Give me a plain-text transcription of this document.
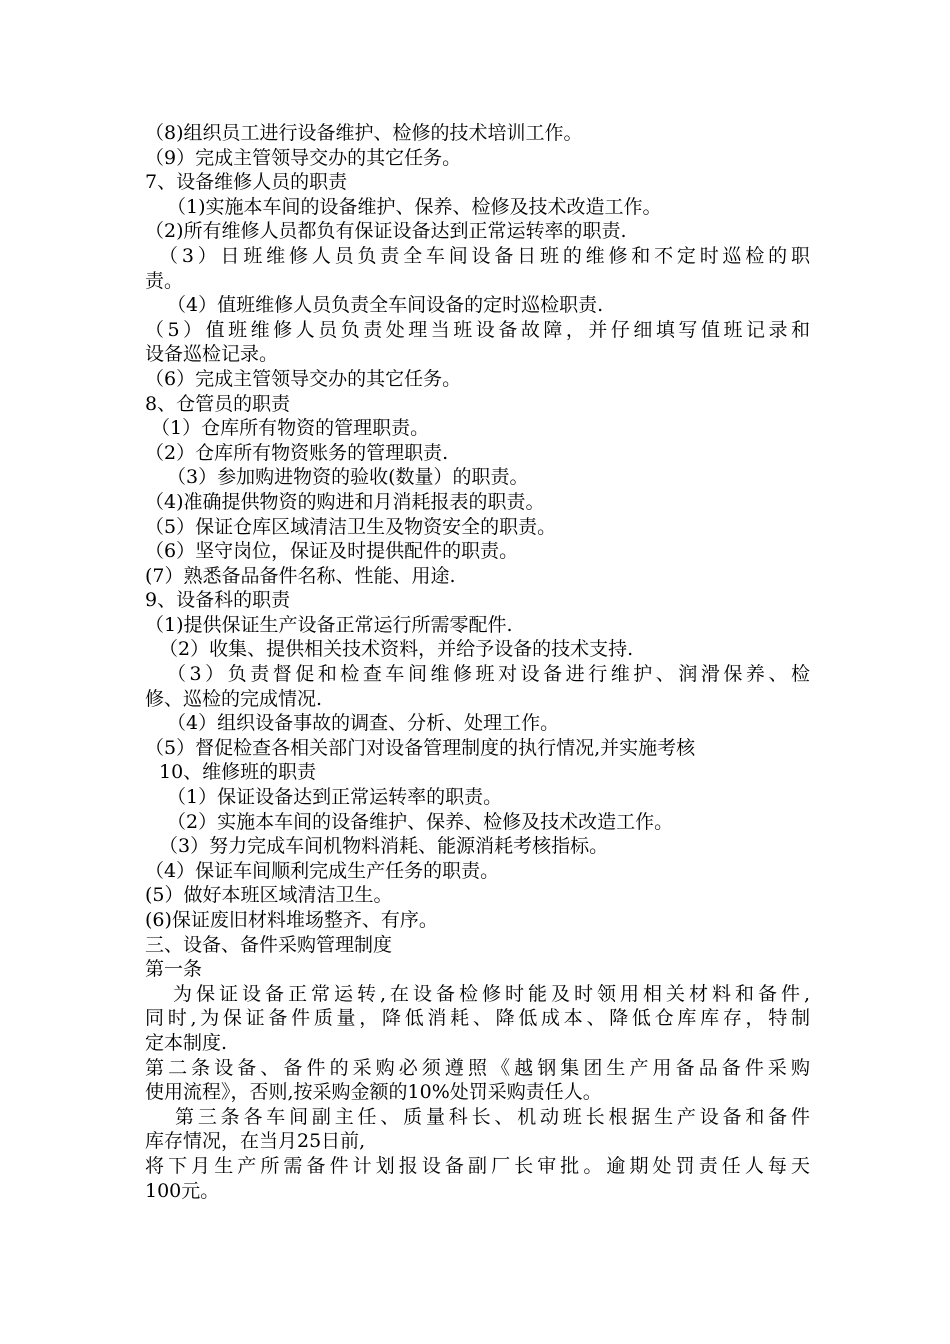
（8)组织员工进行设备维护、检修的技术培训工作。
（9）完成主管领导交办的其它任务。
7、设备维修人员的职责
（1)实施本车间的设备维护、保养、检修及技术改造工作。
（2)所有维修人员都负有保证设备达到正常运转率的职责.
（3）日班维修人员负责全车间设备日班的维修和不定时巡检的职
责。
（4）值班维修人员负责全车间设备的定时巡检职责.
（5）值班维修人员负责处理当班设备故障，并仔细填写值班记录和
设备巡检记录。
（6）完成主管领导交办的其它任务。
8、仓管员的职责
（1）仓库所有物资的管理职责。
（2）仓库所有物资账务的管理职责.
（3）参加购进物资的验收(数量）的职责。
（4)准确提供物资的购进和月消耗报表的职责。
（5）保证仓库区域清洁卫生及物资安全的职责。
（6）坚守岗位，保证及时提供配件的职责。
(7）熟悉备品备件名称、性能、用途.
9、设备科的职责
（1)提供保证生产设备正常运行所需零配件.
（2）收集、提供相关技术资料，并给予设备的技术支持.
（3）负责督促和检查车间维修班对设备进行维护、润滑保养、检
修、巡检的完成情况.
（4）组织设备事故的调查、分析、处理工作。
（5）督促检查各相关部门对设备管理制度的执行情况,并实施考核
10、维修班的职责
（1）保证设备达到正常运转率的职责。
（2）实施本车间的设备维护、保养、检修及技术改造工作。
（3）努力完成车间机物料消耗、能源消耗考核指标。
（4）保证车间顺利完成生产任务的职责。
(5）做好本班区域清洁卫生。
(6)保证废旧材料堆场整齐、有序。
三、设备、备件采购管理制度
第一条
为保证设备正常运转,在设备检修时能及时领用相关材料和备件,
同时,为保证备件质量，降低消耗、降低成本、降低仓库库存，特制
定本制度.
第二条设备、备件的采购必须遵照《越钢集团生产用备品备件采购
使用流程》，否则,按采购金额的10%处罚采购责任人。
第三条各车间副主任、质量科长、机动班长根据生产设备和备件
库存情况，在当月25日前,
将下月生产所需备件计划报设备副厂长审批。逾期处罚责任人每天
100元。
